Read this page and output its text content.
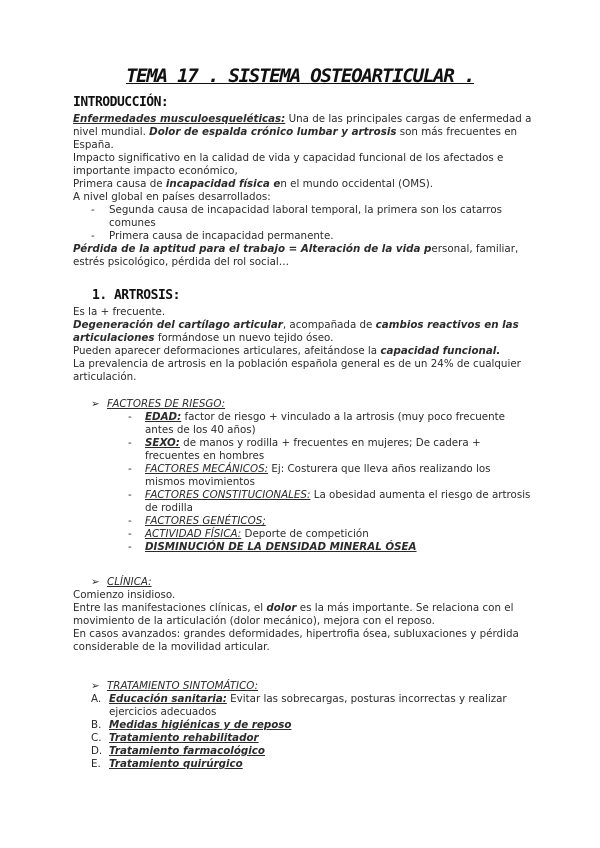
TEMA 17 . SISTEMA OSTEOARTICULAR .
INTRODUCCIÓN:

Enfermedades musculoesqueléticas: Una de las principales cargas de enfermedad a nivel mundial. Dolor de espalda crónico lumbar y artrosis son más frecuentes en España.

Impacto significativo en la calidad de vida y capacidad funcional de los afectados e importante impacto económico,

Primera causa de incapacidad física en el mundo occidental (OMS).

A nivel global en países desarrollados:

- Segunda causa de incapacidad laboral temporal, la primera son los catarros comunes
- Primera causa de incapacidad permanente.

Pérdida de la aptitud para el trabajo = Alteración de la vida personal, familiar, estrés psicológico, pérdida del rol social…

1. ARTROSIS:

Es la + frecuente.

Degeneración del cartílago articular, acompañada de cambios reactivos en las articulaciones formándose un nuevo tejido óseo.

Pueden aparecer deformaciones articulares, afeitándose la capacidad funcional.

La prevalencia de artrosis en la población española general es de un 24% de cualquier articulación.

➢ FACTORES DE RIESGO:
- EDAD: factor de riesgo + vinculado a la artrosis (muy poco frecuente antes de los 40 años)
- SEXO: de manos y rodilla + frecuentes en mujeres; De cadera + frecuentes en hombres
- FACTORES MECÁNICOS: Ej: Costurera que lleva años realizando los mismos movimientos
- FACTORES CONSTITUCIONALES: La obesidad aumenta el riesgo de artrosis de rodilla
- FACTORES GENÉTICOS;
- ACTIVIDAD FÍSICA: Deporte de competición
- DISMINUCIÓN DE LA DENSIDAD MINERAL ÓSEA
➢ CLÍNICA:

Comienzo insidioso.

Entre las manifestaciones clínicas, el dolor es la más importante. Se relaciona con el movimiento de la articulación (dolor mecánico), mejora con el reposo.

En casos avanzados: grandes deformidades, hipertrofia ósea, subluxaciones y pérdida considerable de la movilidad articular.

➢ TRATAMIENTO SINTOMÁTICO:
A. Educación sanitaria: Evitar las sobrecargas, posturas incorrectas y realizar ejercicios adecuados
B. Medidas higiénicas y de reposo
C. Tratamiento rehabilitador
D. Tratamiento farmacológico
E. Tratamiento quirúrgico
